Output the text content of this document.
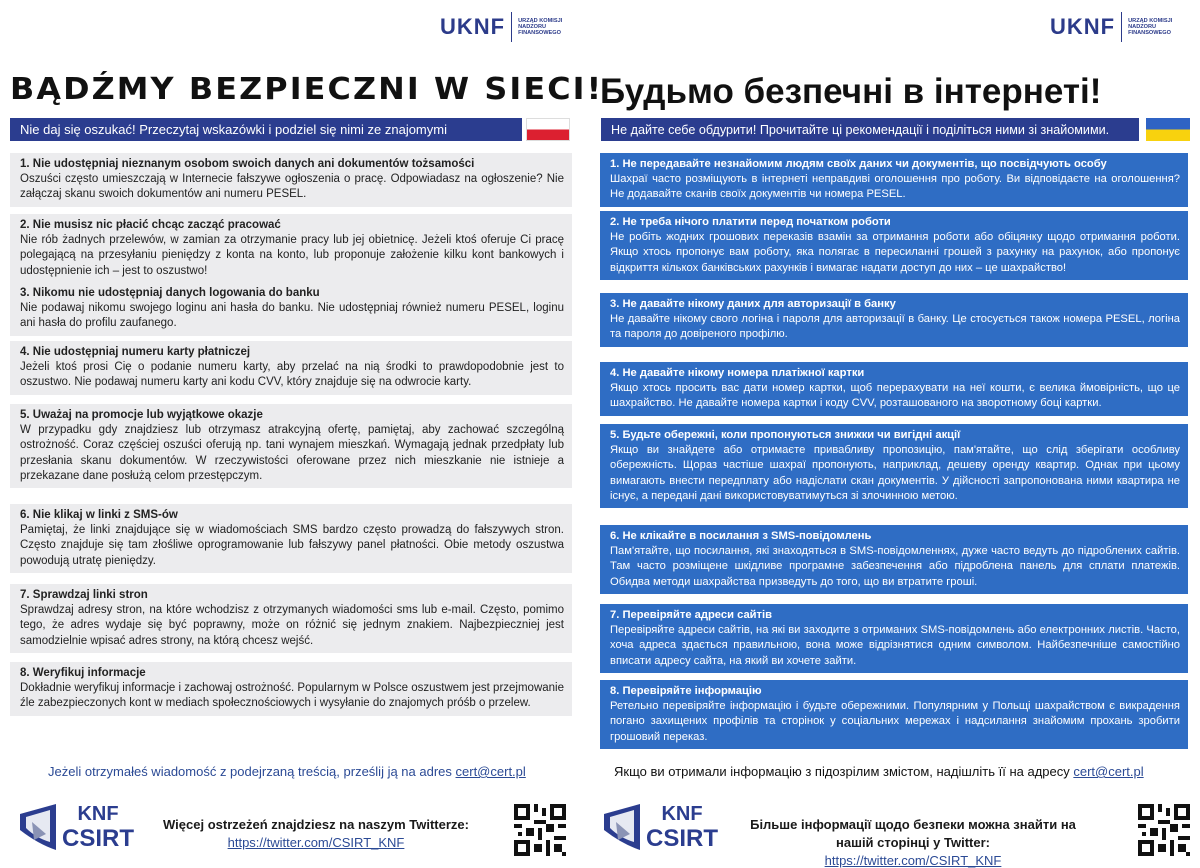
UKNF URZĄD KOMISJI NADZORU FINANSOWEGO
BĄDŹMY BEZPIECZNI W SIECI!
Nie daj się oszukać! Przeczytaj wskazówki i podziel się nimi ze znajomymi
1. Nie udostępniaj nieznanym osobom swoich danych ani dokumentów tożsamości
Oszuści często umieszczają w Internecie fałszywe ogłoszenia o pracę. Odpowiadasz na ogłoszenie? Nie załączaj skanu swoich dokumentów ani numeru PESEL.
2. Nie musisz nic płacić chcąc zacząć pracować
Nie rób żadnych przelewów, w zamian za otrzymanie pracy lub jej obietnicę. Jeżeli ktoś oferuje Ci pracę polegającą na przesyłaniu pieniędzy z konta na konto, lub proponuje założenie kilku kont bankowych i udostępnienie ich – jest to oszustwo!
3. Nikomu nie udostępniaj danych logowania do banku
Nie podawaj nikomu swojego loginu ani hasła do banku. Nie udostępniaj również numeru PESEL, loginu ani hasła do profilu zaufanego.
4. Nie udostępniaj numeru karty płatniczej
Jeżeli ktoś prosi Cię o podanie numeru karty, aby przelać na nią środki to prawdopodobnie jest to oszustwo. Nie podawaj numeru karty ani kodu CVV, który znajduje się na odwrocie karty.
5. Uważaj na promocje lub wyjątkowe okazje
W przypadku gdy znajdziesz lub otrzymasz atrakcyjną ofertę, pamiętaj, aby zachować szczególną ostrożność. Coraz częściej oszuści oferują np. tani wynajem mieszkań. Wymagają jednak przedpłaty lub przesłania skanu dokumentów. W rzeczywistości oferowane przez nich mieszkanie nie istnieje a przekazane dane posłużą celom przestępczym.
6. Nie klikaj w linki z SMS-ów
Pamiętaj, że linki znajdujące się w wiadomościach SMS bardzo często prowadzą do fałszywych stron. Często znajduje się tam złośliwe oprogramowanie lub fałszywy panel płatności. Obie metody oszustwa powodują utratę pieniędzy.
7. Sprawdzaj linki stron
Sprawdzaj adresy stron, na które wchodzisz z otrzymanych wiadomości sms lub e-mail. Często, pomimo tego, że adres wydaje się być poprawny, może on różnić się jednym znakiem. Najbezpieczniej jest samodzielnie wpisać adres strony, na którą chcesz wejść.
8. Weryfikuj informacje
Dokładnie weryfikuj informacje i zachowaj ostrożność. Popularnym w Polsce oszustwem jest przejmowanie źle zabezpieczonych kont w mediach społecznościowych i wysyłanie do znajomych próśb o przelew.
Jeżeli otrzymałeś wiadomość z podejrzaną treścią, prześlij ją na adres cert@cert.pl
KNF
CSIRT
Więcej ostrzeżeń znajdziesz na naszym Twitterze:
https://twitter.com/CSIRT_KNF
UKNF URZĄD KOMISJI NADZORU FINANSOWEGO
Будьмо безпечні в інтернеті!
Не дайте себе обдурити! Прочитайте ці рекомендації і поділіться ними зі знайомими.
1. Не передавайте незнайомим людям своїх даних чи документів, що посвідчують особу
Шахраї часто розміщують в інтернеті неправдиві оголошення про роботу. Ви відповідаєте на оголошення? Не додавайте сканів своїх документів чи номера PESEL.
2. Не треба нічого платити перед початком роботи
Не робіть жодних грошових переказів взамін за отримання роботи або обіцянку щодо отримання роботи. Якщо хтось пропонує вам роботу, яка полягає в пересиланні грошей з рахунку на рахунок, або пропонує відкриття кількох банківських рахунків і вимагає надати доступ до них – це шахрайство!
3. Не давайте нікому даних для авторизації в банку
Не давайте нікому свого логіна і пароля для авторизації в банку. Це стосується також номера PESEL, логіна та пароля до довіреного профілю.
4. Не давайте нікому номера платіжної картки
Якщо хтось просить вас дати номер картки, щоб перерахувати на неї кошти, є велика ймовірність, що це шахрайство. Не давайте номера картки і коду CVV, розташованого на зворотному боці картки.
5. Будьте обережні, коли пропонуються знижки чи вигідні акції
Якщо ви знайдете або отримаєте привабливу пропозицію, пам'ятайте, що слід зберігати особливу обережність. Щораз частіше шахраї пропонують, наприклад, дешеву оренду квартир. Однак при цьому вимагають внести передплату або надіслати скан документів. У дійсності запропонована ними квартира не існує, а передані дані використовуватимуться зі злочинною метою.
6. Не клікайте в посилання з SMS-повідомлень
Пам'ятайте, що посилання, які знаходяться в SMS-повідомленнях, дуже часто ведуть до підроблених сайтів. Там часто розміщене шкідливе програмне забезпечення або підроблена панель для сплати платежів. Обидва методи шахрайства призведуть до того, що ви втратите гроші.
7. Перевіряйте адреси сайтів
Перевіряйте адреси сайтів, на які ви заходите з отриманих SMS-повідомлень або електронних листів. Часто, хоча адреса здається правильною, вона може відрізнятися одним символом. Найбезпечніше самостійно вписати адресу сайта, на який ви хочете зайти.
8. Перевіряйте інформацію
Ретельно перевіряйте інформацію і будьте обережними. Популярним у Польщі шахрайством є викрадення погано захищених профілів та сторінок у соціальних мережах і надсилання знайомим прохань зробити грошовий переказ.
Якщо ви отримали інформацію з підозрілим змістом, надішліть її на адресу cert@cert.pl
KNF
CSIRT
Більше інформації щодо безпеки можна знайти на нашій сторінці у Twitter:
https://twitter.com/CSIRT_KNF
